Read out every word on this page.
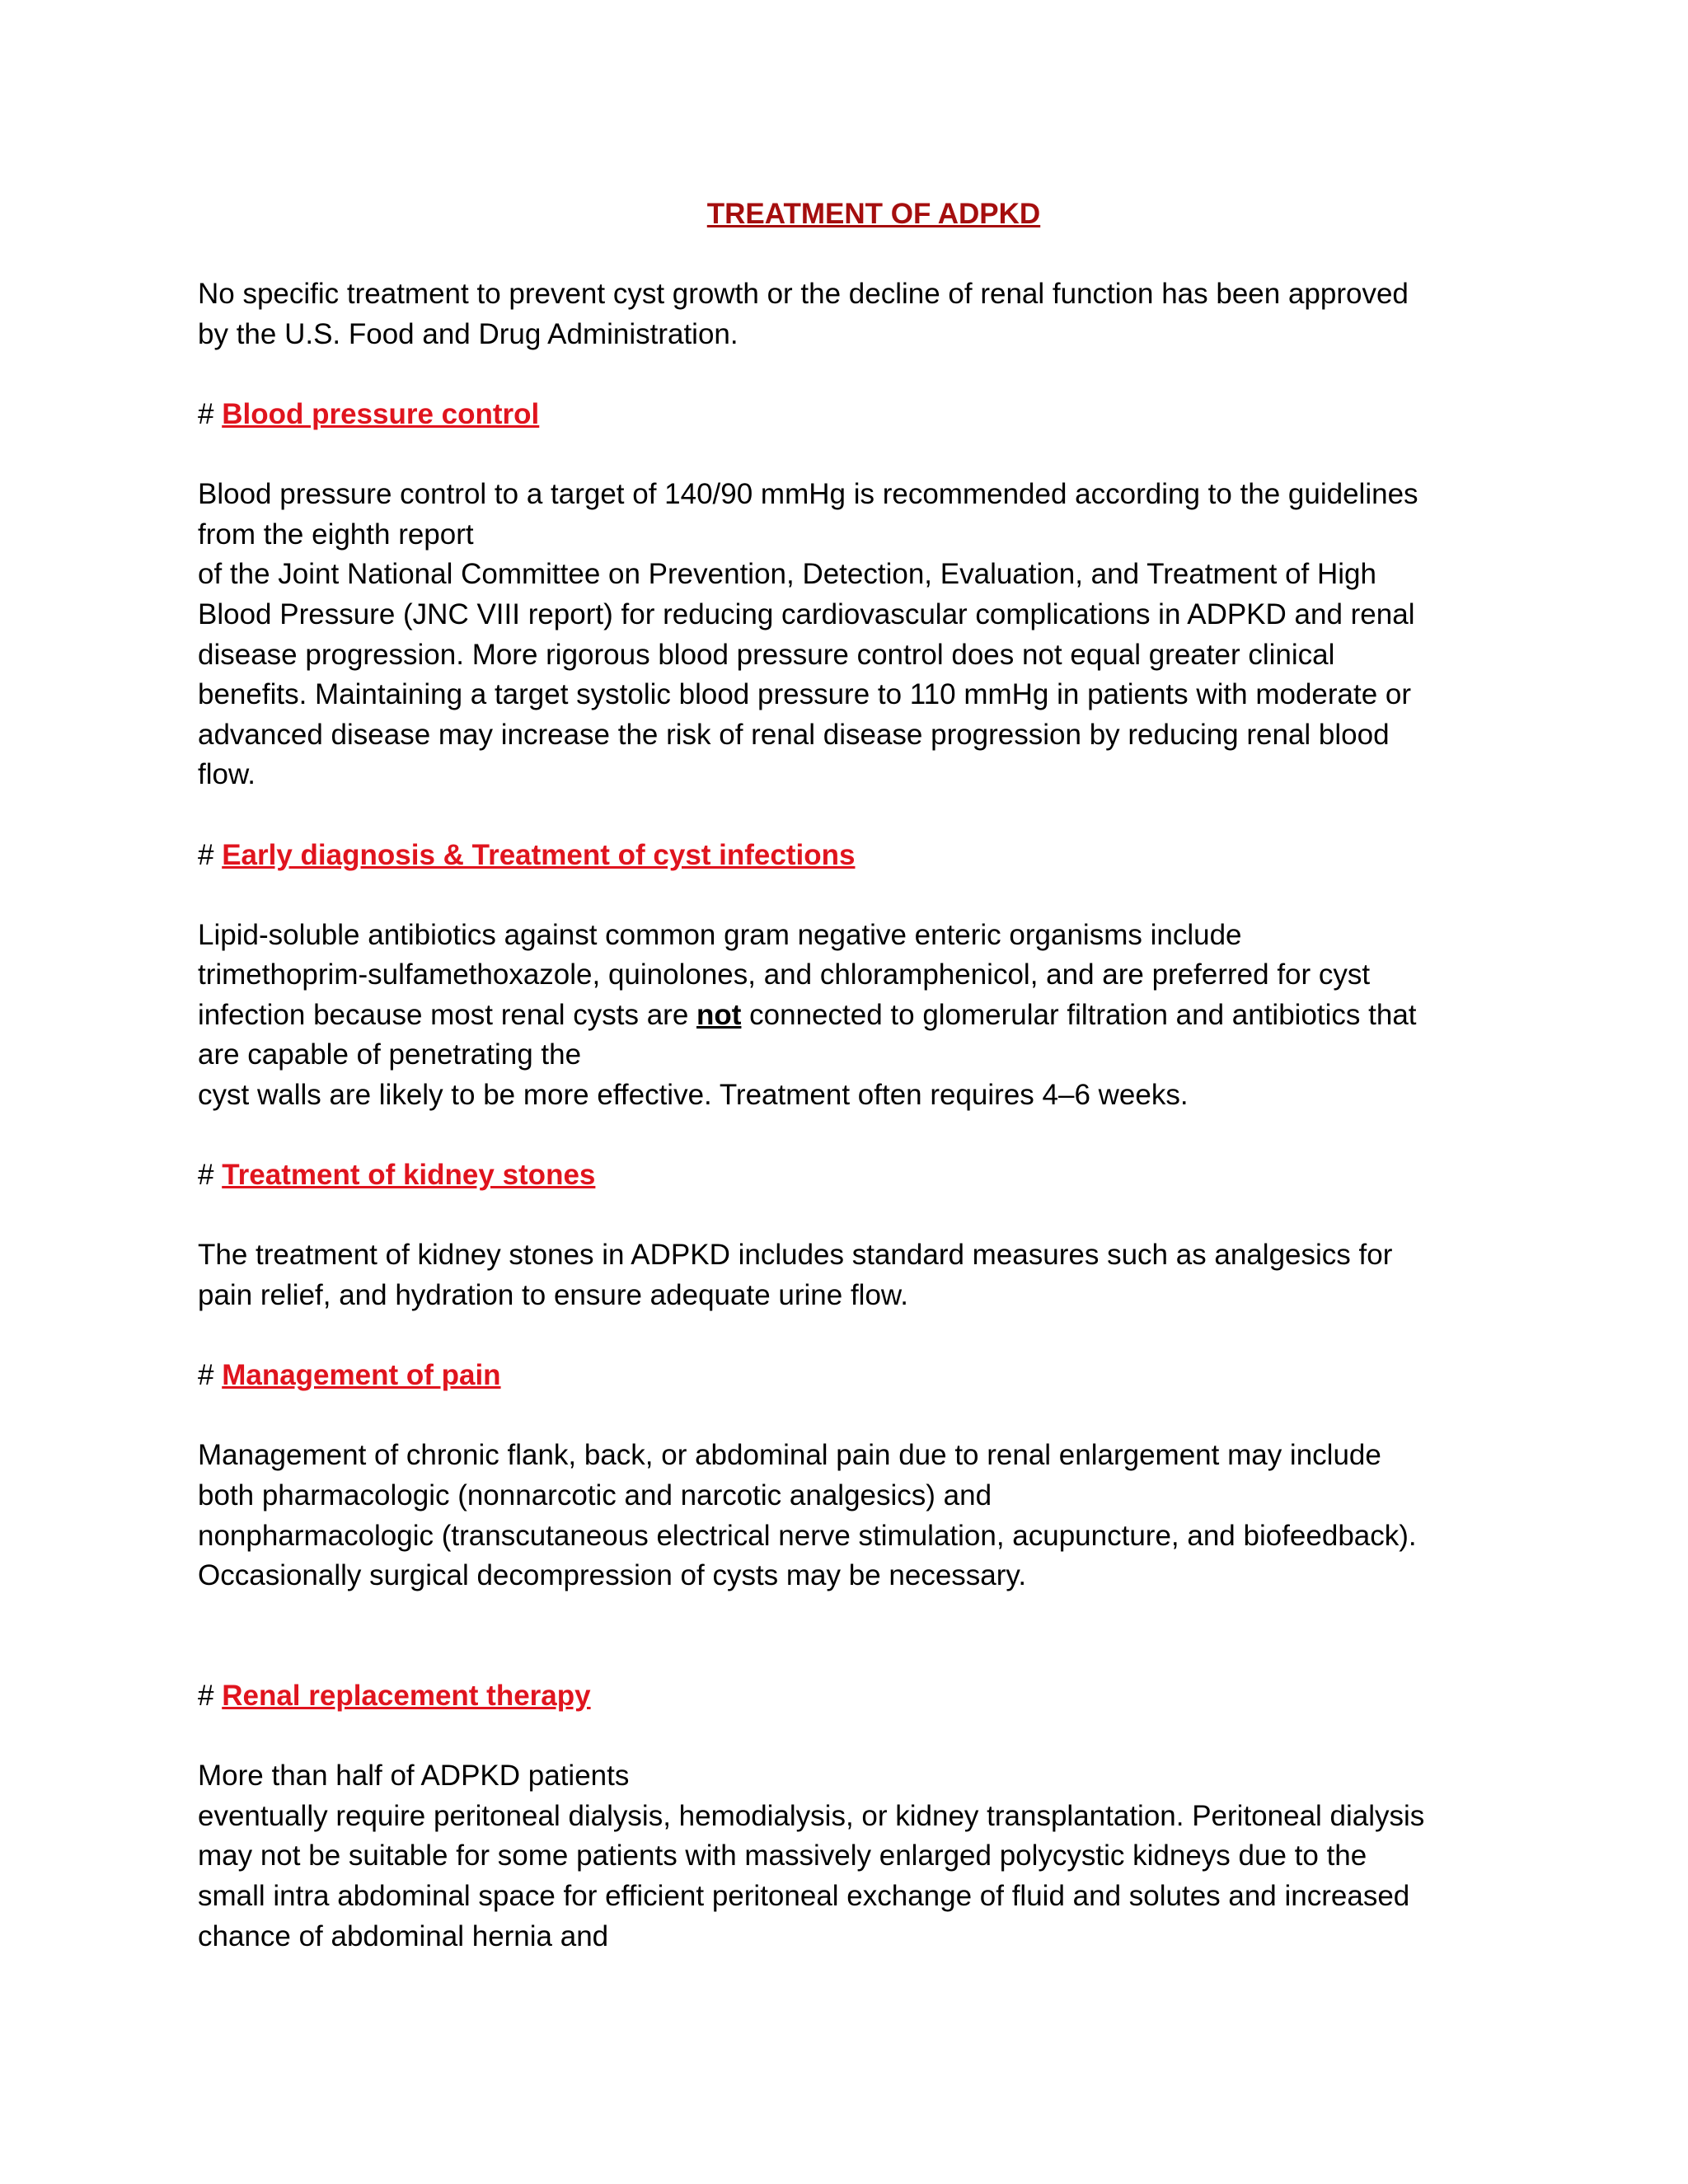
TREATMENT OF ADPKD

No specific treatment to prevent cyst growth or the decline of renal function has been approved

by the U.S. Food and Drug Administration.

# Blood pressure control

Blood pressure control to a target of 140/90 mmHg is recommended according to the guidelines

from the eighth report

of the Joint National Committee on Prevention, Detection, Evaluation, and Treatment of High

Blood Pressure (JNC VIII report) for reducing cardiovascular complications in ADPKD and renal

disease progression. More rigorous blood pressure control does not equal greater clinical

benefits. Maintaining a target systolic blood pressure to 110 mmHg in patients with moderate or

advanced disease may increase the risk of renal disease progression by reducing renal blood

flow.

# Early diagnosis & Treatment of cyst infections

Lipid-soluble antibiotics against common gram negative enteric organisms include

trimethoprim-sulfamethoxazole, quinolones, and chloramphenicol, and are preferred for cyst

infection because most renal cysts are not connected to glomerular filtration and antibiotics that

are capable of penetrating the

cyst walls are likely to be more effective. Treatment often requires 4–6 weeks.

# Treatment of kidney stones

The treatment of kidney stones in ADPKD includes standard measures such as analgesics for

pain relief, and hydration to ensure adequate urine flow.

# Management of pain

Management of chronic flank, back, or abdominal pain due to renal enlargement may include

both pharmacologic (nonnarcotic and narcotic analgesics) and

nonpharmacologic (transcutaneous electrical nerve stimulation, acupuncture, and biofeedback).

Occasionally surgical decompression of cysts may be necessary.

# Renal replacement therapy

More than half of ADPKD patients

eventually require peritoneal dialysis, hemodialysis, or kidney transplantation. Peritoneal dialysis

may not be suitable for some patients with massively enlarged polycystic kidneys due to the

small intra abdominal space for efficient peritoneal exchange of fluid and solutes and increased

chance of abdominal hernia and
